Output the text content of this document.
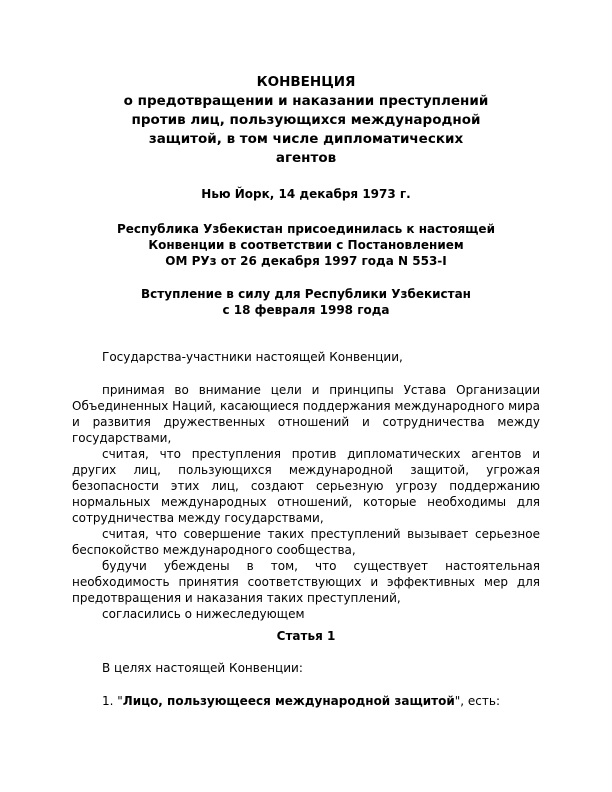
КОНВЕНЦИЯ
о предотвращении и наказании преступлений
против лиц, пользующихся международной
защитой, в том числе дипломатических
агентов
Нью Йорк, 14 декабря 1973 г.
Республика Узбекистан присоединилась к настоящей
Конвенции в соответствии с Постановлением
ОМ РУз от 26 декабря 1997 года N 553-I
Вступление в силу для Республики Узбекистан
с 18 февраля 1998 года
Государства-участники настоящей Конвенции,

принимая во внимание цели и принципы Устава Организации Объединенных Наций, касающиеся поддержания международного мира и развития дружественных отношений и сотрудничества между государствами,

считая, что преступления против дипломатических агентов и других лиц, пользующихся международной защитой, угрожая безопасности этих лиц, создают серьезную угрозу поддержанию нормальных международных отношений, которые необходимы для сотрудничества между государствами,

считая, что совершение таких преступлений вызывает серьезное беспокойство международного сообщества,

будучи убеждены в том, что существует настоятельная необходимость принятия соответствующих и эффективных мер для предотвращения и наказания таких преступлений,

согласились о нижеследующем

Статья 1
В целях настоящей Конвенции:
1. "Лицо, пользующееся международной защитой", есть:
